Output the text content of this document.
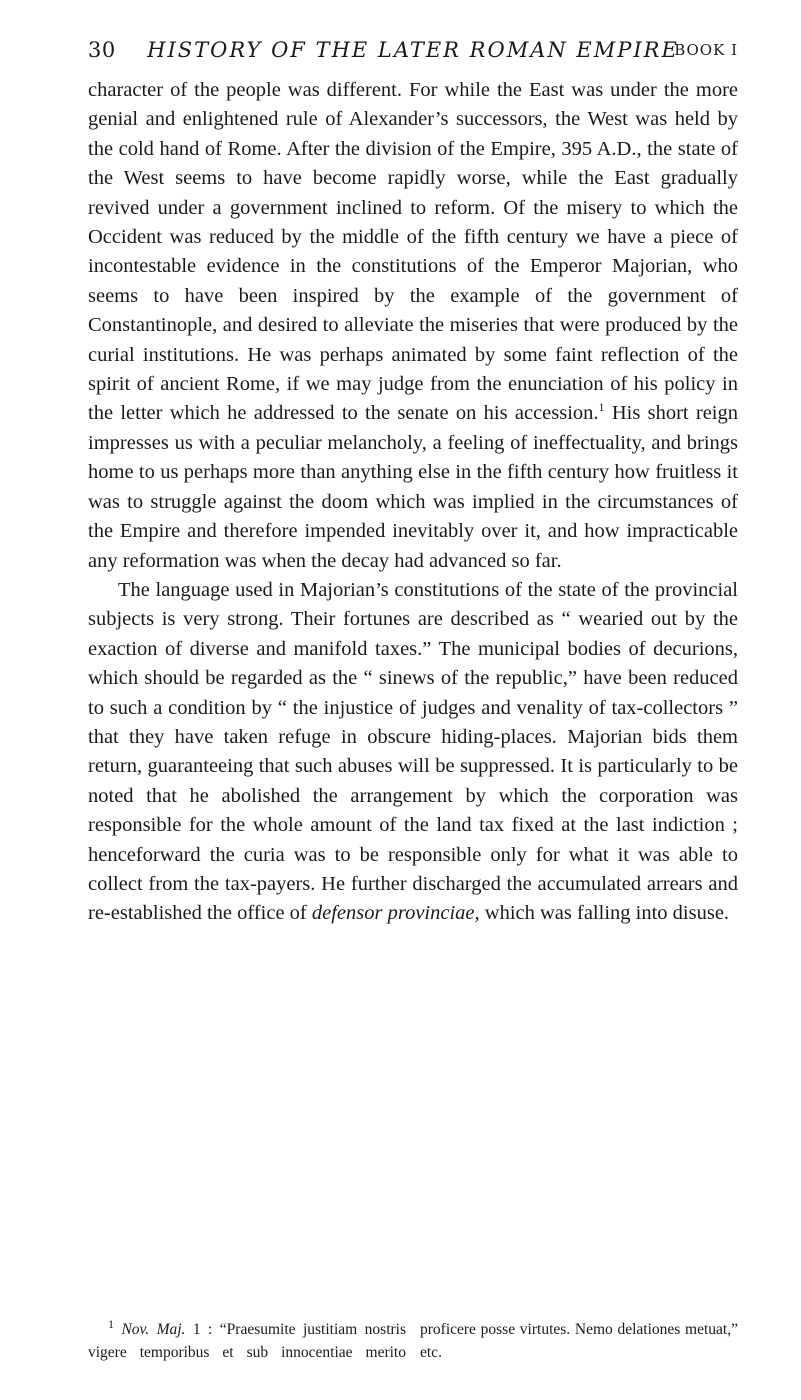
30	HISTORY OF THE LATER ROMAN EMPIRE
BOOK I

character of the people was different. For while the East was under the more genial and enlightened rule of Alexander’s successors, the West was held by the cold hand of Rome. After the division of the Empire, 395 A.D., the state of the West seems to have become rapidly worse, while the East gradually revived under a government inclined to reform. Of the misery to which the Occident was reduced by the middle of the fifth century we have a piece of incontestable evidence in the constitutions of the Emperor Majorian, who seems to have been inspired by the example of the government of Constantinople, and desired to alleviate the miseries that were produced by the curial institutions. He was perhaps animated by some faint reflection of the spirit of ancient Rome, if we may judge from the enunciation of his policy in the letter which he addressed to the senate on his accession.$^1$ His short reign impresses us with a peculiar melancholy, a feeling of ineffectuality, and brings home to us perhaps more than anything else in the fifth century how fruitless it was to struggle against the doom which was implied in the circumstances of the Empire and therefore impended inevitably over it, and how impracticable any reformation was when the decay had advanced so far.

The language used in Majorian’s constitutions of the state of the provincial subjects is very strong. Their fortunes are described as “ wearied out by the exaction of diverse and manifold taxes.” The municipal bodies of decurions, which should be regarded as the “ sinews of the republic,” have been reduced to such a condition by “ the injustice of judges and venality of tax-collectors ” that they have taken refuge in obscure hiding-places. Majorian bids them return, guaranteeing that such abuses will be suppressed. It is particularly to be noted that he abolished the arrangement by which the corporation was responsible for the whole amount of the land tax fixed at the last indiction ; henceforward the curia was to be responsible only for what it was able to collect from the tax-payers. He further discharged the accumulated arrears and re-established the office of defensor provinciae, which was falling into disuse.

$^1$ Nov. Maj. 1 : “Praesumite justitiam nostris vigere temporibus et sub innocentiae merito proficere posse virtutes. Nemo delationes metuat,” etc.
